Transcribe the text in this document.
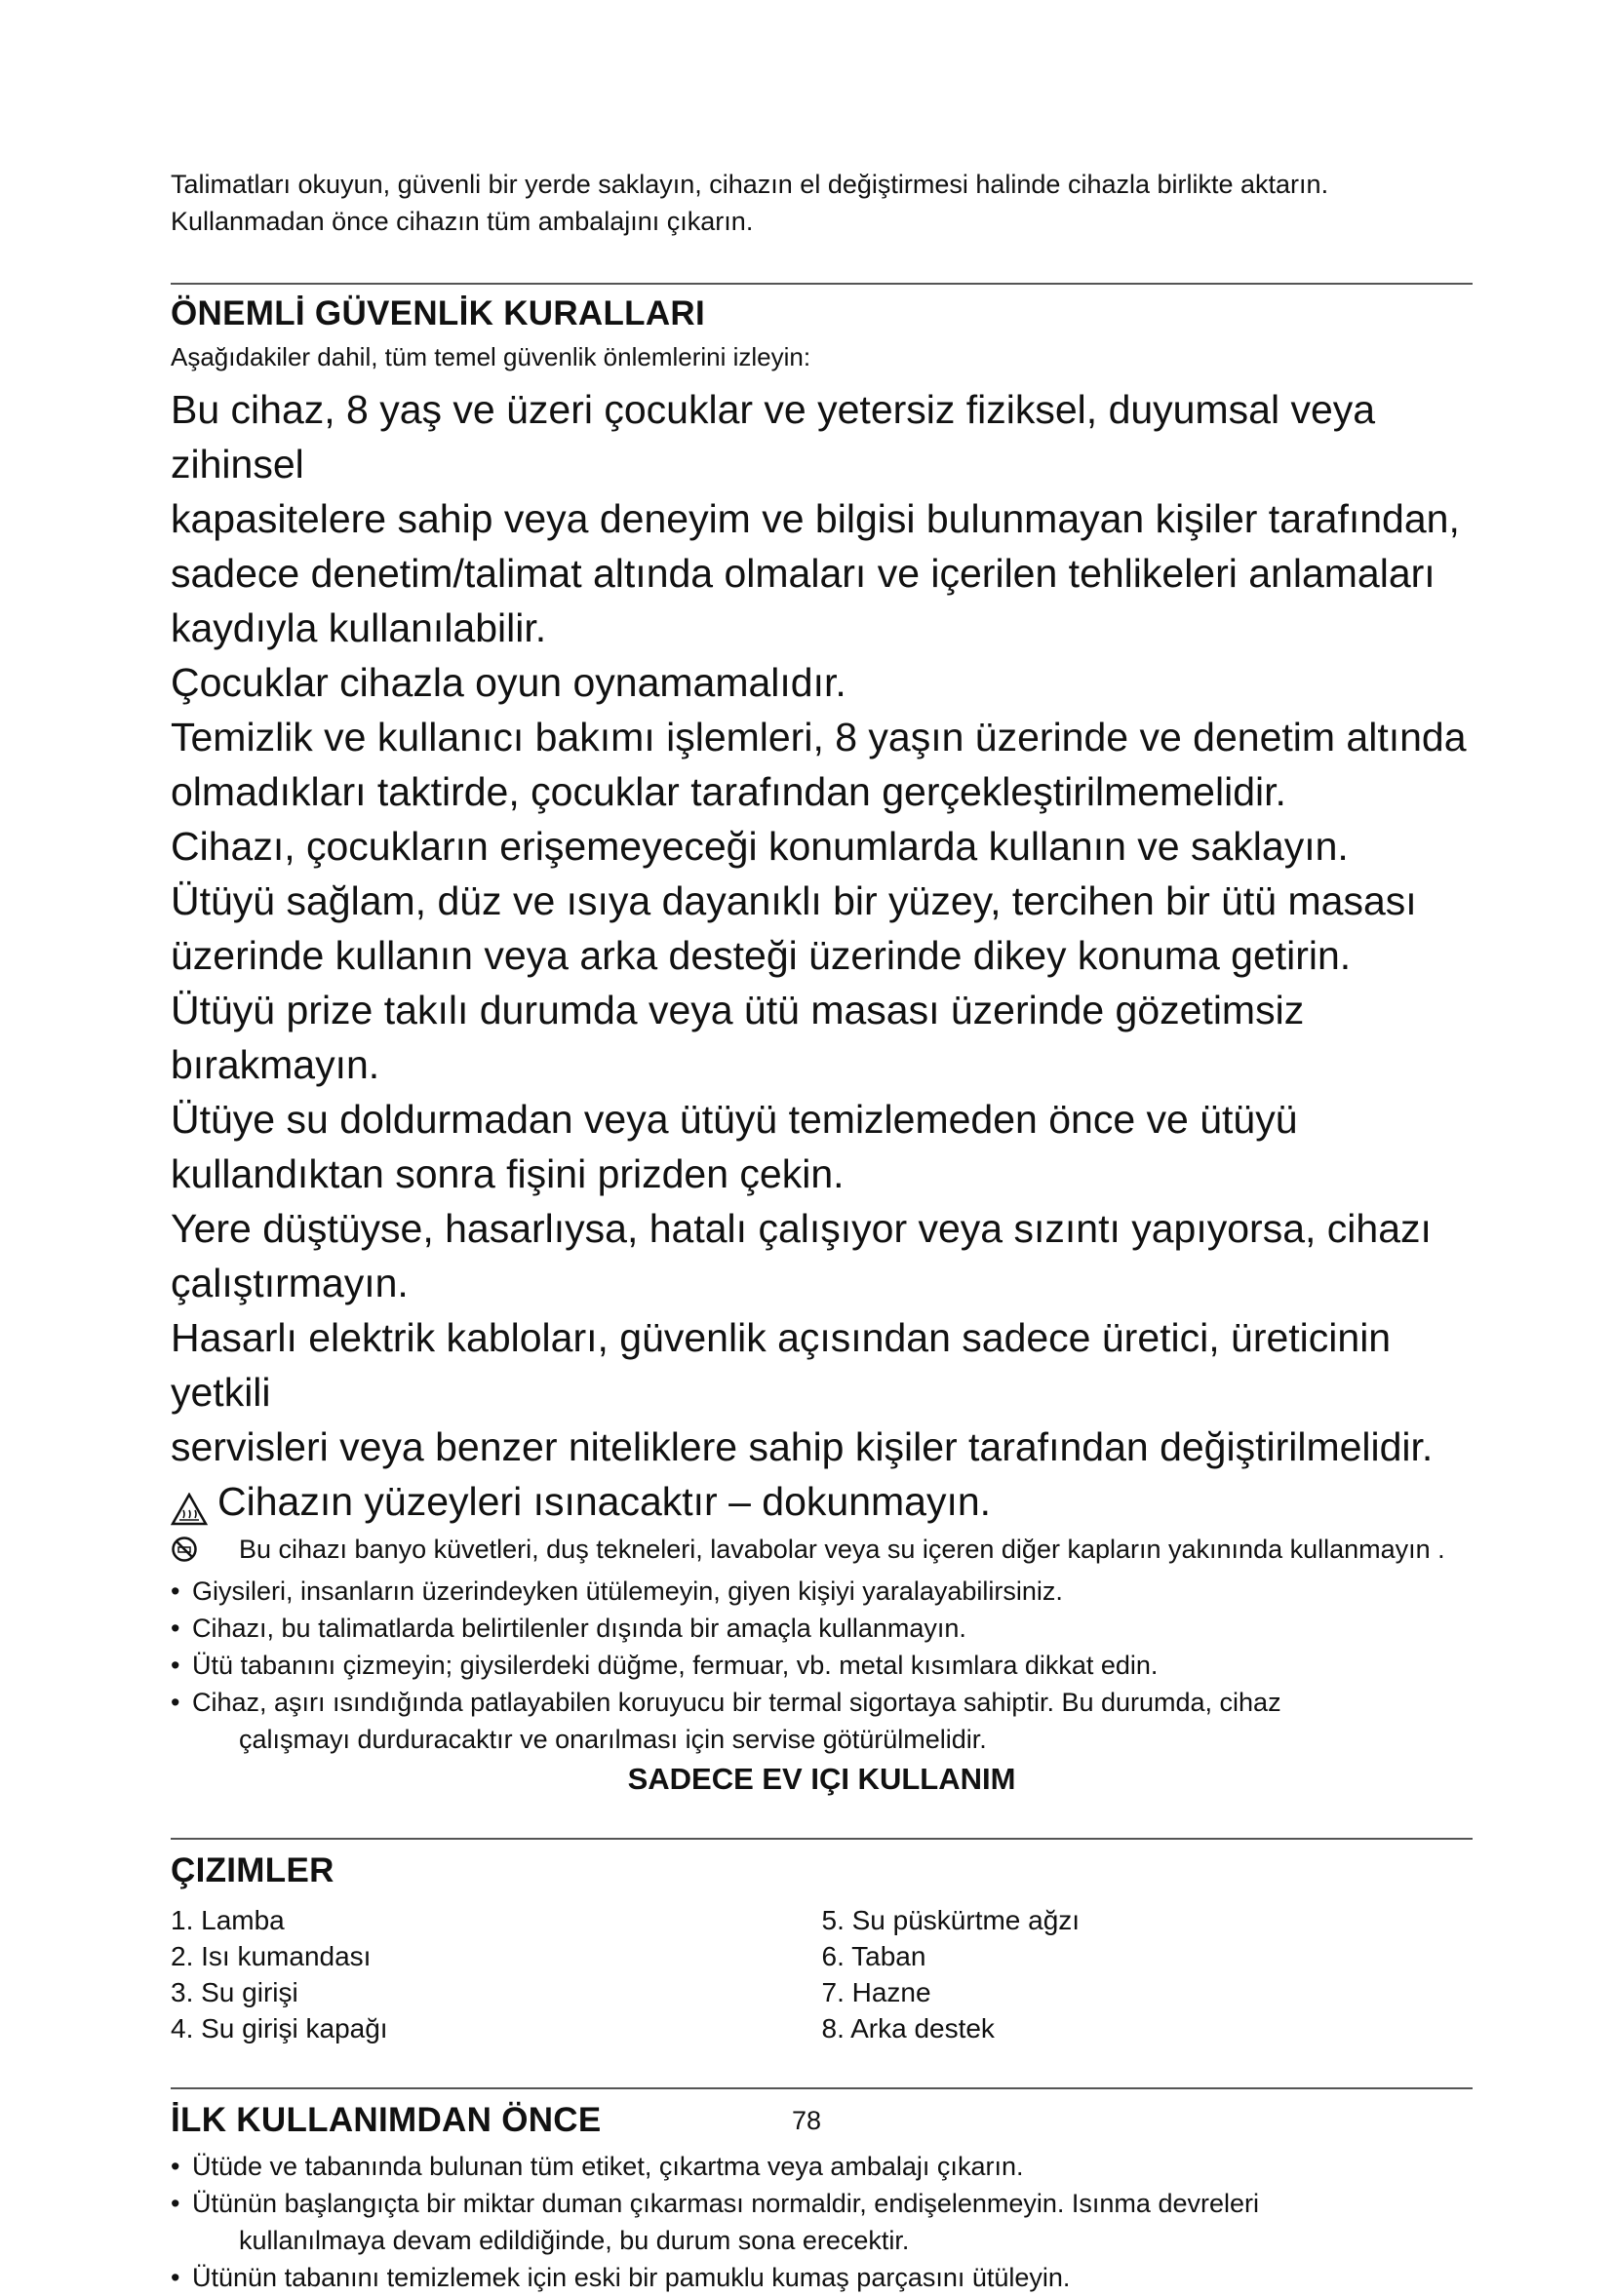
Talimatları okuyun, güvenli bir yerde saklayın, cihazın el değiştirmesi halinde cihazla birlikte aktarın.

Kullanmadan önce cihazın tüm ambalajını çıkarın.

ÖNEMLİ GÜVENLİK KURALLARI
Aşağıdakiler dahil, tüm temel güvenlik önlemlerini izleyin:

Bu cihaz, 8 yaş ve üzeri çocuklar ve yetersiz fiziksel, duyumsal veya zihinsel

kapasitelere sahip veya deneyim ve bilgisi bulunmayan kişiler tarafından,

sadece denetim/talimat altında olmaları ve içerilen tehlikeleri anlamaları

kaydıyla kullanılabilir.

Çocuklar cihazla oyun oynamamalıdır.

Temizlik ve kullanıcı bakımı işlemleri, 8 yaşın üzerinde ve denetim altında

olmadıkları taktirde, çocuklar tarafından gerçekleştirilmemelidir.

Cihazı, çocukların erişemeyeceği konumlarda kullanın ve saklayın.

Ütüyü sağlam, düz ve ısıya dayanıklı bir yüzey, tercihen bir ütü masası

üzerinde kullanın veya arka desteği üzerinde dikey konuma getirin.

Ütüyü prize takılı durumda veya ütü masası üzerinde gözetimsiz bırakmayın.

Ütüye su doldurmadan veya ütüyü temizlemeden önce ve ütüyü

kullandıktan sonra fişini prizden çekin.

Yere düştüyse, hasarlıysa, hatalı çalışıyor veya sızıntı yapıyorsa, cihazı

çalıştırmayın.

Hasarlı elektrik kabloları, güvenlik açısından sadece üretici, üreticinin yetkili

servisleri veya benzer niteliklere sahip kişiler tarafından değiştirilmelidir.

Cihazın yüzeyleri ısınacaktır – dokunmayın.

Bu cihazı banyo küvetleri, duş tekneleri, lavabolar veya su içeren diğer kapların yakınında kullanmayın .
• Giysileri, insanların üzerindeyken ütülemeyin, giyen kişiyi yaralayabilirsiniz.
• Cihazı, bu talimatlarda belirtilenler dışında bir amaçla kullanmayın.
• Ütü tabanını çizmeyin; giysilerdeki düğme, fermuar, vb. metal kısımlara dikkat edin.
• Cihaz, aşırı ısındığında patlayabilen koruyucu bir termal sigortaya sahiptir. Bu durumda, cihaz

çalışmayı durduracaktır ve onarılması için servise götürülmelidir.

SADECE EV IÇI KULLANIM

ÇIZIMLER
1. Lamba
2. Isı kumandası
3. Su girişi
4. Su girişi kapağı
5. Su püskürtme ağzı
6. Taban
7. Hazne
8. Arka destek
İLK KULLANIMDAN ÖNCE
• Ütüde ve tabanında bulunan tüm etiket, çıkartma veya ambalajı çıkarın.
• Ütünün başlangıçta bir miktar duman çıkarması normaldir, endişelenmeyin. Isınma devreleri

kullanılmaya devam edildiğinde, bu durum sona erecektir.

• Ütünün tabanını temizlemek için eski bir pamuklu kumaş parçasını ütüleyin.
78
